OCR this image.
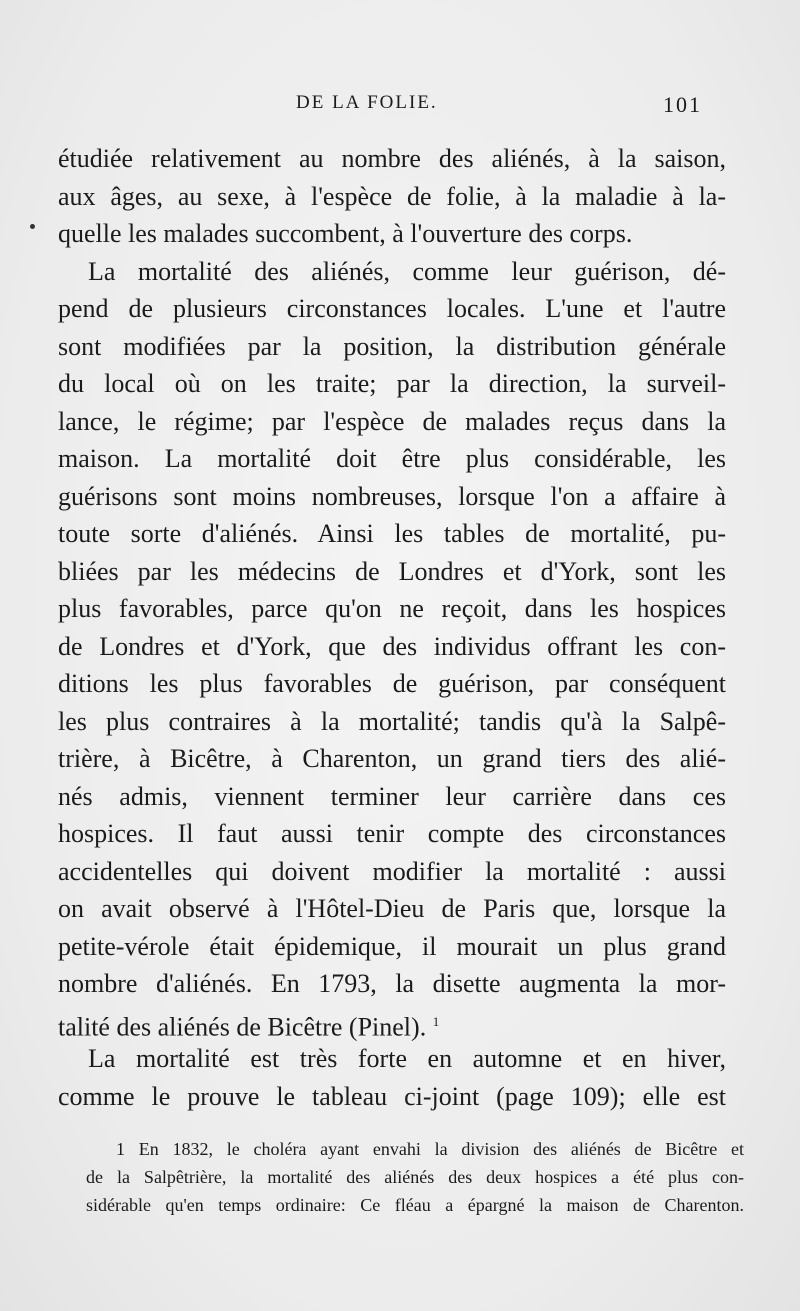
DE LA FOLIE.	101
étudiée relativement au nombre des aliénés, à la saison,
aux âges, au sexe, à l'espèce de folie, à la maladie à la-
quelle les malades succombent, à l'ouverture des corps.
La mortalité des aliénés, comme leur guérison, dé-
pend de plusieurs circonstances locales. L'une et l'autre
sont modifiées par la position, la distribution générale
du local où on les traite; par la direction, la surveil-
lance, le régime; par l'espèce de malades reçus dans la
maison. La mortalité doit être plus considérable, les
guérisons sont moins nombreuses, lorsque l'on a affaire à
toute sorte d'aliénés. Ainsi les tables de mortalité, pu-
bliées par les médecins de Londres et d'York, sont les
plus favorables, parce qu'on ne reçoit, dans les hospices
de Londres et d'York, que des individus offrant les con-
ditions les plus favorables de guérison, par conséquent
les plus contraires à la mortalité; tandis qu'à la Salpê-
trière, à Bicêtre, à Charenton, un grand tiers des alié-
nés admis, viennent terminer leur carrière dans ces
hospices. Il faut aussi tenir compte des circonstances
accidentelles qui doivent modifier la mortalité : aussi
on avait observé à l'Hôtel-Dieu de Paris que, lorsque la
petite-vérole était épidemique, il mourait un plus grand
nombre d'aliénés. En 1793, la disette augmenta la mor-
talité des aliénés de Bicêtre (Pinel). $^1$
La mortalité est très forte en automne et en hiver,
comme le prouve le tableau ci-joint (page 109); elle est
1 En 1832, le choléra ayant envahi la division des aliénés de Bicêtre et
de la Salpêtrière, la mortalité des aliénés des deux hospices a été plus con-
sidérable qu'en temps ordinaire: Ce fléau a épargné la maison de Charenton.
